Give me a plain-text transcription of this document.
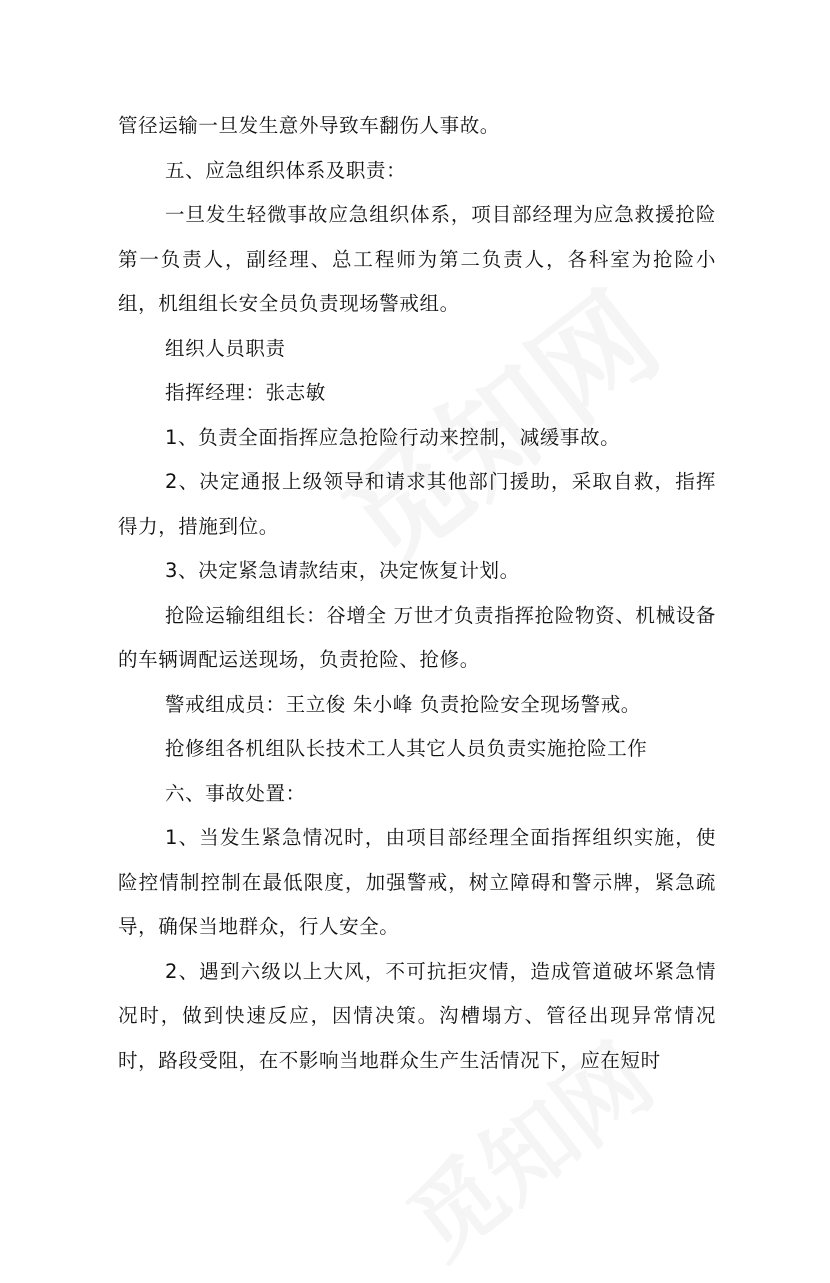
管径运输一旦发生意外导致车翻伤人事故。

五、应急组织体系及职责：

一旦发生轻微事故应急组织体系，项目部经理为应急救援抢险第一负责人，副经理、总工程师为第二负责人，各科室为抢险小组，机组组长安全员负责现场警戒组。

组织人员职责

指挥经理：张志敏

1、负责全面指挥应急抢险行动来控制，减缓事故。

2、决定通报上级领导和请求其他部门援助，采取自救，指挥得力，措施到位。

3、决定紧急请款结束，决定恢复计划。

抢险运输组组长：谷增全 万世才负责指挥抢险物资、机械设备的车辆调配运送现场，负责抢险、抢修。

警戒组成员：王立俊 朱小峰 负责抢险安全现场警戒。

抢修组各机组队长技术工人其它人员负责实施抢险工作

六、事故处置：

1、当发生紧急情况时，由项目部经理全面指挥组织实施，使险控情制控制在最低限度，加强警戒，树立障碍和警示牌，紧急疏导，确保当地群众，行人安全。

2、遇到六级以上大风，不可抗拒灾情，造成管道破坏紧急情况时，做到快速反应，因情决策。沟槽塌方、管径出现异常情况时，路段受阻，在不影响当地群众生产生活情况下，应在短时
